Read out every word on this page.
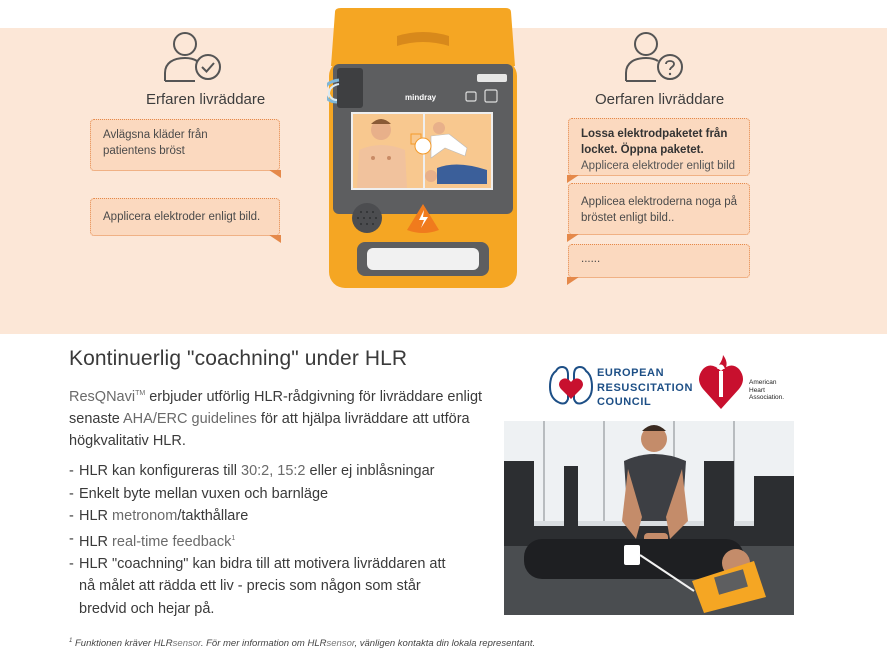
Erfaren livräddare
Avlägsna kläder från patientens bröst
Applicera elektroder enligt bild.
Oerfaren livräddare
Lossa elektrodpaketet från locket. Öppna paketet.
Applicera elektroder enligt bild
Applicea elektroderna noga på bröstet enligt bild..
......
mindray
Kontinuerlig "coachning" under HLR
ResQNavi™ erbjuder utförlig HLR-rådgivning för livräddare enligt senaste AHA/ERC guidelines för att hjälpa livräddare att utföra högkvalitativ HLR.
- HLR kan konfigureras till 30:2, 15:2 eller ej inblåsningar
- Enkelt byte mellan vuxen och barnläge
- HLR metronom/takthållare
- HLR real-time feedback$^1$
- HLR "coachning" kan bidra till att motivera livräddaren att nå målet att rädda ett liv - precis som någon som står bredvid och hejar på.
$^1$ Funktionen kräver HLRsensor. För mer information om HLRsensor, vänligen kontakta din lokala representant.
EUROPEAN
RESUSCITATION
COUNCIL
American
Heart
Association.
